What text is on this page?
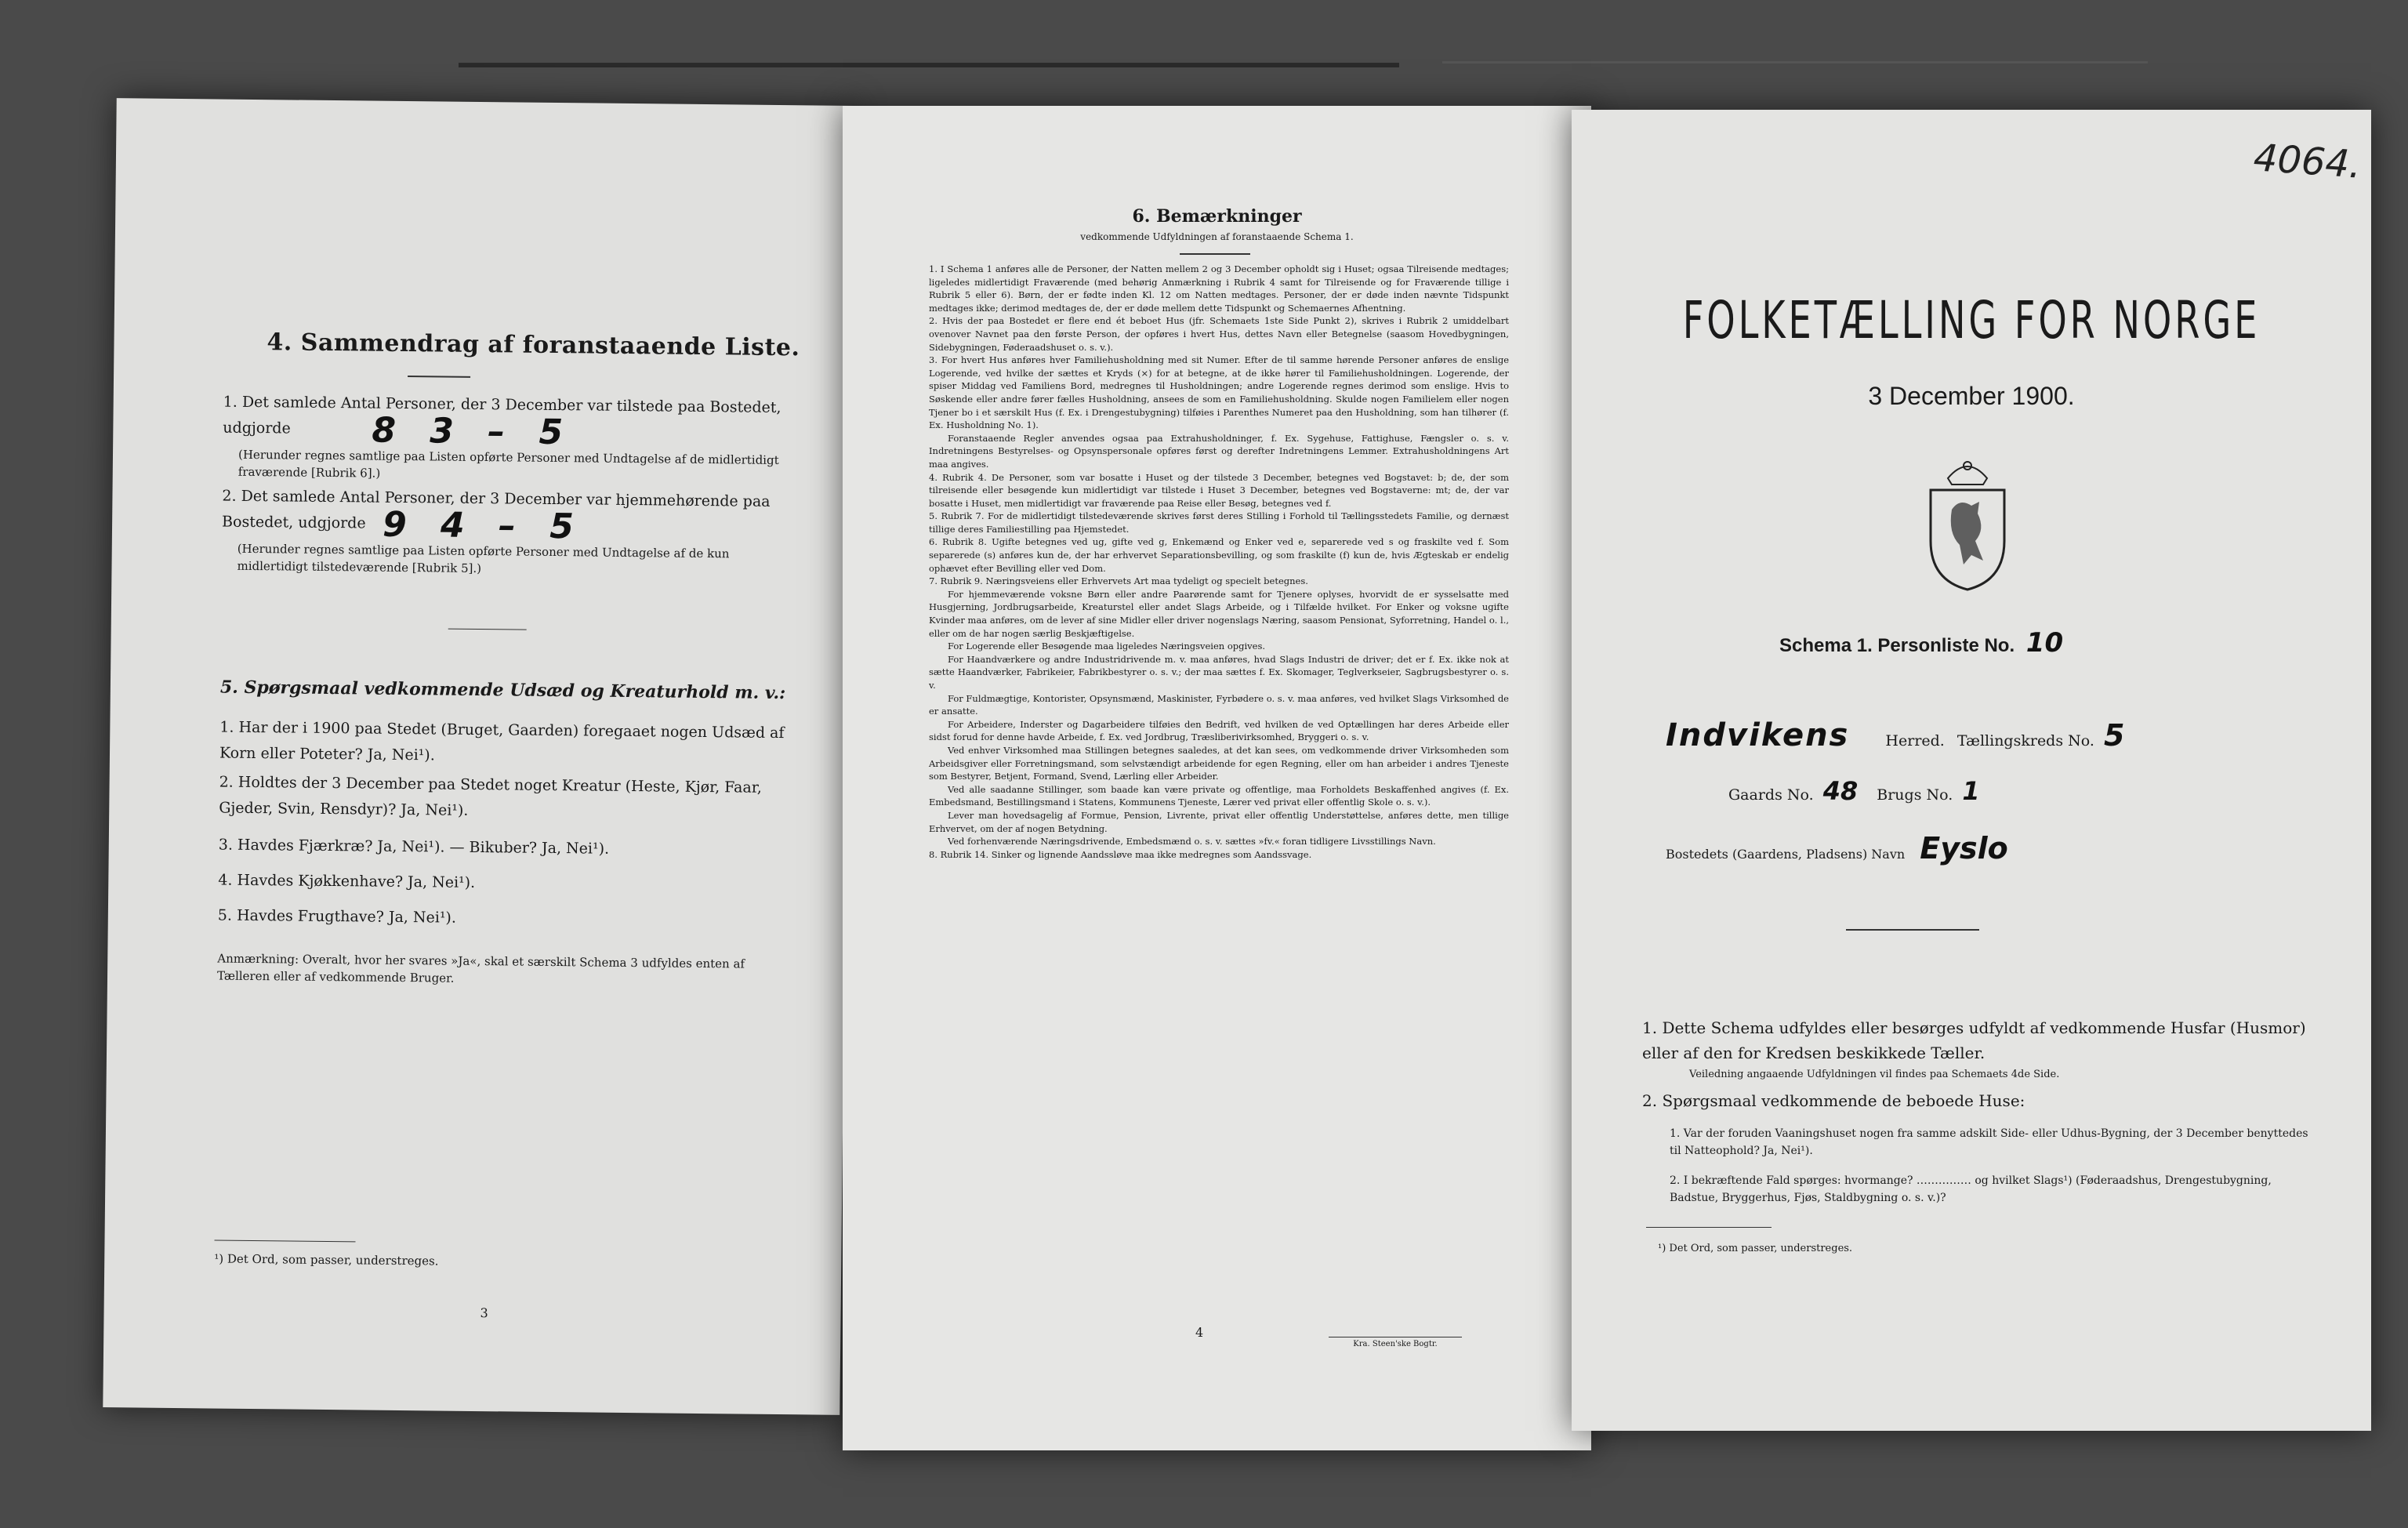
4. Sammendrag af foranstaaende Liste.
1. Det samlede Antal Personer, der 3 December var tilstede paa Bostedet, udgjorde	8 3 – 5
(Herunder regnes samtlige paa Listen opførte Personer med Undtagelse af de midlertidigt fraværende [Rubrik 6].)
2. Det samlede Antal Personer, der 3 December var hjemmehørende paa Bostedet, udgjorde 9 4 – 5
(Herunder regnes samtlige paa Listen opførte Personer med Undtagelse af de kun midlertidigt tilstedeværende [Rubrik 5].)
5. Spørgsmaal vedkommende Udsæd og Kreaturhold m. v.:
1. Har der i 1900 paa Stedet (Bruget, Gaarden) foregaaet nogen Udsæd af Korn eller Poteter? Ja, Nei¹).
2. Holdtes der 3 December paa Stedet noget Kreatur (Heste, Kjør, Faar, Gjeder, Svin, Rensdyr)? Ja, Nei¹).
3. Havdes Fjærkræ? Ja, Nei¹). — Bikuber? Ja, Nei¹).
4. Havdes Kjøkkenhave? Ja, Nei¹).
5. Havdes Frugthave? Ja, Nei¹).
Anmærkning: Overalt, hvor her svares »Ja«, skal et særskilt Schema 3 udfyldes enten af Tælleren eller af vedkommende Bruger.
¹) Det Ord, som passer, understreges.
3
6. Bemærkninger
vedkommende Udfyldningen af foranstaaende Schema 1.

1. I Schema 1 anføres alle de Personer, der Natten mellem 2 og 3 December opholdt sig i Huset; ogsaa Tilreisende medtages; ligeledes midlertidigt Fraværende (med behørig Anmærkning i Rubrik 4 samt for Tilreisende og for Fraværende tillige i Rubrik 5 eller 6). Børn, der er fødte inden Kl. 12 om Natten medtages. Personer, der er døde inden nævnte Tidspunkt medtages ikke; derimod medtages de, der er døde mellem dette Tidspunkt og Schemaernes Afhentning.

2. Hvis der paa Bostedet er flere end ét beboet Hus (jfr. Schemaets 1ste Side Punkt 2), skrives i Rubrik 2 umiddelbart ovenover Navnet paa den første Person, der opføres i hvert Hus, dettes Navn eller Betegnelse (saasom Hovedbygningen, Sidebygningen, Føderaadshuset o. s. v.).

3. For hvert Hus anføres hver Familiehusholdning med sit Numer. Efter de til samme hørende Personer anføres de enslige Logerende, ved hvilke der sættes et Kryds (×) for at betegne, at de ikke hører til Familiehusholdningen. Logerende, der spiser Middag ved Familiens Bord, medregnes til Husholdningen; andre Logerende regnes derimod som enslige. Hvis to Søskende eller andre fører fælles Husholdning, ansees de som en Familiehusholdning. Skulde nogen Familielem eller nogen Tjener bo i et særskilt Hus (f. Ex. i Drengestubygning) tilføies i Parenthes Numeret paa den Husholdning, som han tilhører (f. Ex. Husholdning No. 1).

Foranstaaende Regler anvendes ogsaa paa Extrahusholdninger, f. Ex. Sygehuse, Fattighuse, Fængsler o. s. v. Indretningens Bestyrelses- og Opsynspersonale opføres først og derefter Indretningens Lemmer. Extrahusholdningens Art maa angives.

4. Rubrik 4. De Personer, som var bosatte i Huset og der tilstede 3 December, betegnes ved Bogstavet: b; de, der som tilreisende eller besøgende kun midlertidigt var tilstede i Huset 3 December, betegnes ved Bogstaverne: mt; de, der var bosatte i Huset, men midlertidigt var fraværende paa Reise eller Besøg, betegnes ved f.

5. Rubrik 7. For de midlertidigt tilstedeværende skrives først deres Stilling i Forhold til Tællingsstedets Familie, og dernæst tillige deres Familiestilling paa Hjemstedet.

6. Rubrik 8. Ugifte betegnes ved ug, gifte ved g, Enkemænd og Enker ved e, separerede ved s og fraskilte ved f. Som separerede (s) anføres kun de, der har erhvervet Separationsbevilling, og som fraskilte (f) kun de, hvis Ægteskab er endelig ophævet efter Bevilling eller ved Dom.

7. Rubrik 9. Næringsveiens eller Erhvervets Art maa tydeligt og specielt betegnes.

For hjemmeværende voksne Børn eller andre Paarørende samt for Tjenere oplyses, hvorvidt de er sysselsatte med Husgjerning, Jordbrugsarbeide, Kreaturstel eller andet Slags Arbeide, og i Tilfælde hvilket. For Enker og voksne ugifte Kvinder maa anføres, om de lever af sine Midler eller driver nogenslags Næring, saasom Pensionat, Syforretning, Handel o. l., eller om de har nogen særlig Beskjæftigelse.

For Logerende eller Besøgende maa ligeledes Næringsveien opgives.

For Haandværkere og andre Industridrivende m. v. maa anføres, hvad Slags Industri de driver; det er f. Ex. ikke nok at sætte Haandværker, Fabrikeier, Fabrikbestyrer o. s. v.; der maa sættes f. Ex. Skomager, Teglverkseier, Sagbrugsbestyrer o. s. v.

For Fuldmægtige, Kontorister, Opsynsmænd, Maskinister, Fyrbødere o. s. v. maa anføres, ved hvilket Slags Virksomhed de er ansatte.

For Arbeidere, Inderster og Dagarbeidere tilføies den Bedrift, ved hvilken de ved Optællingen har deres Arbeide eller sidst forud for denne havde Arbeide, f. Ex. ved Jordbrug, Træsliberivirksomhed, Bryggeri o. s. v.

Ved enhver Virksomhed maa Stillingen betegnes saaledes, at det kan sees, om vedkommende driver Virksomheden som Arbeidsgiver eller Forretningsmand, som selvstændigt arbeidende for egen Regning, eller om han arbeider i andres Tjeneste som Bestyrer, Betjent, Formand, Svend, Lærling eller Arbeider.

Ved alle saadanne Stillinger, som baade kan være private og offentlige, maa Forholdets Beskaffenhed angives (f. Ex. Embedsmand, Bestillingsmand i Statens, Kommunens Tjeneste, Lærer ved privat eller offentlig Skole o. s. v.).

Lever man hovedsagelig af Formue, Pension, Livrente, privat eller offentlig Understøttelse, anføres dette, men tillige Erhvervet, om der af nogen Betydning.

Ved forhenværende Næringsdrivende, Embedsmænd o. s. v. sættes »fv.« foran tidligere Livsstillings Navn.

8. Rubrik 14. Sinker og lignende Aandssløve maa ikke medregnes som Aandssvage.

4
Kra. Steen'ske Bogtr.
4064.
FOLKETÆLLING FOR NORGE
3 December 1900.
Schema 1. Personliste No. 10
Indvikens Herred. Tællingskreds No. 5
Gaards No. 48 Brugs No. 1
Bostedets (Gaardens, Pladsens) Navn Eyslo
1. Dette Schema udfyldes eller besørges udfyldt af vedkommende Husfar (Husmor) eller af den for Kredsen beskikkede Tæller.
Veiledning angaaende Udfyldningen vil findes paa Schemaets 4de Side.
2. Spørgsmaal vedkommende de beboede Huse:
1. Var der foruden Vaaningshuset nogen fra samme adskilt Side- eller Udhus-Bygning, der 3 December benyttedes til Natteophold? Ja, Nei¹).
2. I bekræftende Fald spørges: hvormange? …………… og hvilket Slags¹) (Føderaadshus, Drengestubygning, Badstue, Bryggerhus, Fjøs, Staldbygning o. s. v.)?
¹) Det Ord, som passer, understreges.
